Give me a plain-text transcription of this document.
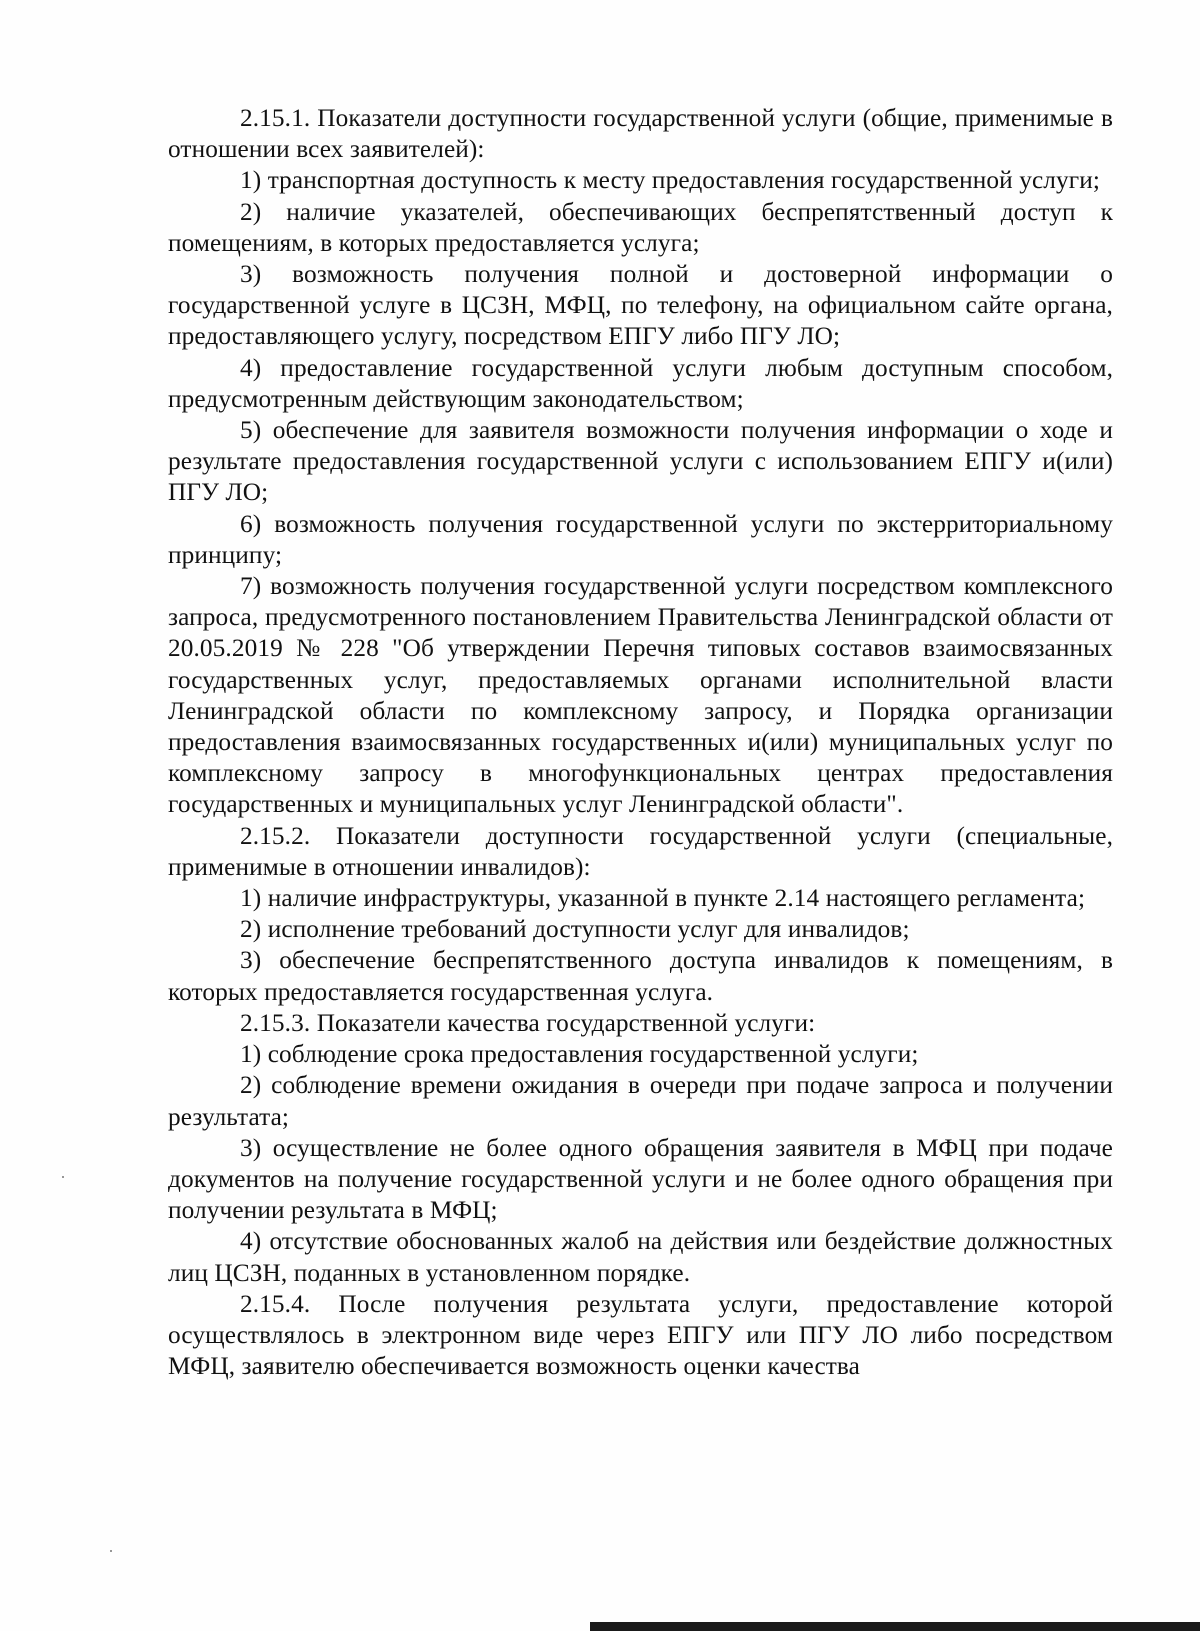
2.15.1. Показатели доступности государственной услуги (общие, применимые в отношении всех заявителей):

1) транспортная доступность к месту предоставления государственной услуги;

2) наличие указателей, обеспечивающих беспрепятственный доступ к помещениям, в которых предоставляется услуга;

3) возможность получения полной и достоверной информации о государственной услуге в ЦСЗН, МФЦ, по телефону, на официальном сайте органа, предоставляющего услугу, посредством ЕПГУ либо ПГУ ЛО;

4) предоставление государственной услуги любым доступным способом, предусмотренным действующим законодательством;

5) обеспечение для заявителя возможности получения информации о ходе и результате предоставления государственной услуги с использованием ЕПГУ и(или) ПГУ ЛО;

6) возможность получения государственной услуги по экстерриториальному принципу;

7) возможность получения государственной услуги посредством комплексного запроса, предусмотренного постановлением Правительства Ленинградской области от 20.05.2019 № 228 "Об утверждении Перечня типовых составов взаимосвязанных государственных услуг, предоставляемых органами исполнительной власти Ленинградской области по комплексному запросу, и Порядка организации предоставления взаимосвязанных государственных и(или) муниципальных услуг по комплексному запросу в многофункциональных центрах предоставления государственных и муниципальных услуг Ленинградской области".

2.15.2. Показатели доступности государственной услуги (специальные, применимые в отношении инвалидов):

1) наличие инфраструктуры, указанной в пункте 2.14 настоящего регламента;

2) исполнение требований доступности услуг для инвалидов;

3) обеспечение беспрепятственного доступа инвалидов к помещениям, в которых предоставляется государственная услуга.

2.15.3. Показатели качества государственной услуги:

1) соблюдение срока предоставления государственной услуги;

2) соблюдение времени ожидания в очереди при подаче запроса и получении результата;

3) осуществление не более одного обращения заявителя в МФЦ при подаче документов на получение государственной услуги и не более одного обращения при получении результата в МФЦ;

4) отсутствие обоснованных жалоб на действия или бездействие должностных лиц ЦСЗН, поданных в установленном порядке.

2.15.4. После получения результата услуги, предоставление которой осуществлялось в электронном виде через ЕПГУ или ПГУ ЛО либо посредством МФЦ, заявителю обеспечивается возможность оценки качества
